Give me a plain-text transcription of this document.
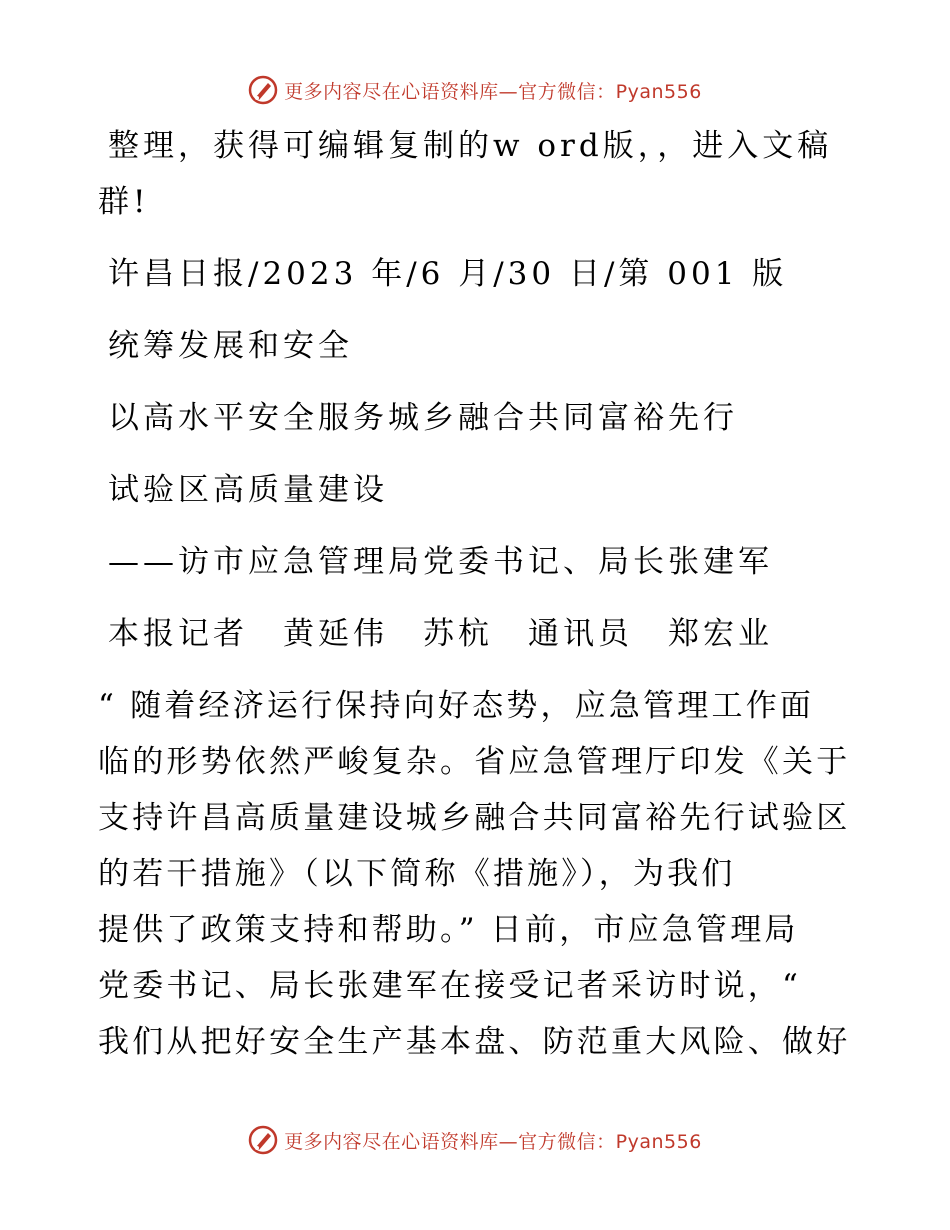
更多内容尽在心语资料库—官方微信：Pyan556
整理，获得可编辑复制的w ord版，，进入文稿
群!
许昌日报/2023 年/6 月/30 日/第 001 版
统筹发展和安全
以高水平安全服务城乡融合共同富裕先行
试验区高质量建设
——访市应急管理局党委书记、局长张建军
本报记者　黄延伟　苏杭　通讯员　郑宏业
“ 随着经济运行保持向好态势，应急管理工作面
临的形势依然严峻复杂。省应急管理厅印发《关于
支持许昌高质量建设城乡融合共同富裕先行试验区
的若干措施》（以下简称《措施》），为我们
提供了政策支持和帮助。” 日前，市应急管理局
党委书记、局长张建军在接受记者采访时说，“
我们从把好安全生产基本盘、防范重大风险、做好
更多内容尽在心语资料库—官方微信：Pyan556
